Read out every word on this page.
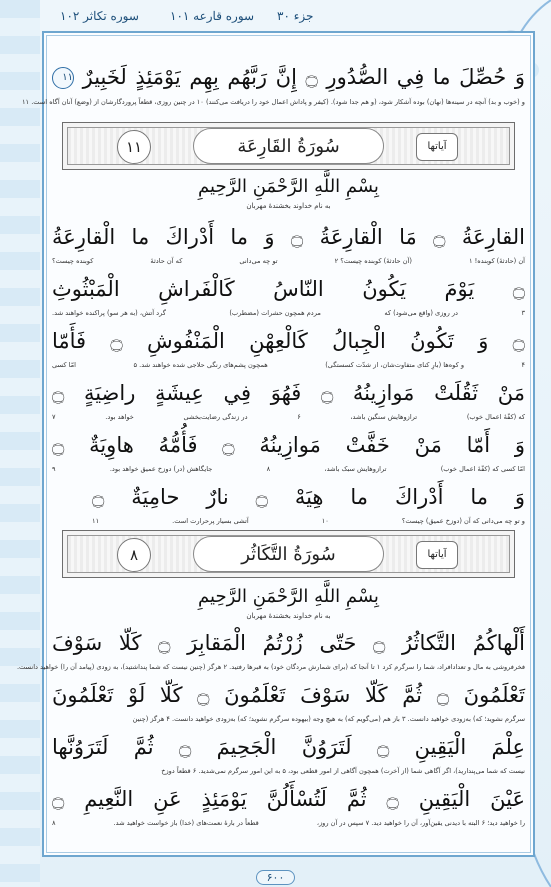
جزء ۳۰
سوره قارعه ۱۰۱
سوره تکاثر ۱۰۲
وَ حُصِّلَ ما فِي الصُّدُورِ ۝ إِنَّ رَبَّهُم بِهِم يَوْمَئِذٍ لَخَبِيرٌ ۱۱
و (خوب و بد) آنچه در سینه‌ها (نهان) بوده آشکار شود، (و هم جدا شود). (کیفر و پاداش اعمال خود را دریافت می‌کنند) ۱۰ در چنین روزی، قطعاً پروردگارشان از (وضع) آنان آگاه است. ۱۱
سُورَةُ القَارِعَة	آیاتها
۱۱
بِسْمِ اللَّهِ الرَّحْمَنِ الرَّحِيمِ
به نام خداوند بخشندهٔ مهربان
القارِعَةُ ۝ مَا الْقارِعَةُ ۝ وَ ما أَدْراكَ ما الْقارِعَةُ
آن (حادثهٔ) کوبنده! ۱
(آن حادثهٔ) کوبنده چیست؟ ۲
تو چه می‌دانی
که آن حادثهٔ
کوبنده چیست؟
۝ يَوْمَ يَكُونُ النّاسُ كَالْفَراشِ الْمَبْثُوثِ
۳
در روزی (واقع می‌شود) که
مردم همچون حشرات (مضطرب)
گرد آتش، (به هر سو) پراکنده خواهند شد.
۝ وَ تَكُونُ الْجِبالُ كَالْعِهْنِ الْمَنْفُوشِ ۝ فَأَمّا
۴
و کوه‌ها (بارِ کنای متفاوت‌شان، از شدّت کسستگی)
همچون پشم‌های رنگی حلاجی شده خواهند شد. ۵
امّا کسی
مَنْ ثَقُلَتْ مَوازِينُهُ ۝ فَهُوَ فِي عِيشَةٍ راضِيَةٍ ۝
که (کفّهٔ اعمال خوب)
ترازوهایش سنگین باشد،
۶
در زندگی رضایت‌بخشی
خواهد بود.
۷
وَ أَمّا مَنْ خَفَّتْ مَوازِينُهُ ۝ فَأُمُّهُ هاوِيَةٌ ۝
امّا کسی که (کفّهٔ اعمال خوب)
ترازوهایش سبک باشد،
۸
جایگاهش (در) دوزخ عمیق خواهد بود.
۹
وَ ما أَدْراكَ ما هِيَهْ ۝ نارٌ حامِيَةٌ ۝
و تو چه می‌دانی که آن (دوزخ عمیق) چیست؟
۱۰
آتشی بسیار پرحرارت است.
۱۱
سُورَةُ التَّكَاثُر	آیاتها
۸
بِسْمِ اللَّهِ الرَّحْمَنِ الرَّحِيمِ
به نام خداوند بخشندهٔ مهربان
أَلْهاكُمُ التَّكاثُرُ ۝ حَتّى زُرْتُمُ الْمَقابِرَ ۝ كَلّا سَوْفَ
فخرفروشی به مال و تعدادافراد، شما را سرگرم کرد ۱ تا آنجا که (برای شمارش مردگان خود) به قبرها رفتید. ۲ هرگز (چنین نیست که شما پنداشتید)، به زودی (پیامد آن را) خواهید دانست.
تَعْلَمُونَ ۝ ثُمَّ كَلّا سَوْفَ تَعْلَمُونَ ۝ كَلّا لَوْ تَعْلَمُونَ
سرگرم نشوید؛ که) به‌زودی خواهید دانست. ۳ باز هم (می‌گویم که) به هیچ وجه (بیهوده سرگرم نشوید؛ که) به‌زودی خواهید دانست. ۴ هرگز (چنین
عِلْمَ الْيَقِينِ ۝ لَتَرَوُنَّ الْجَحِيمَ ۝ ثُمَّ لَتَرَوُنَّها
نیست که شما می‌پندارید)، اگر آگاهی شما (از آخرت) همچون آگاهی از امور قطعی بود، ۵ به این امور سرگرم نمی‌شدید. ۶ قطعاً دوزخ
عَيْنَ الْيَقِينِ ۝ ثُمَّ لَتُسْأَلُنَّ يَوْمَئِذٍ عَنِ النَّعِيمِ ۝
را خواهید دید؛ ۶ البته با دیدنی یقین‌آور، آن را خواهید دید. ۷ سپس در آن روز،
قطعاً در بارهٔ نعمت‌های (خدا) باز خواست خواهید شد.
۸
۶۰۰
